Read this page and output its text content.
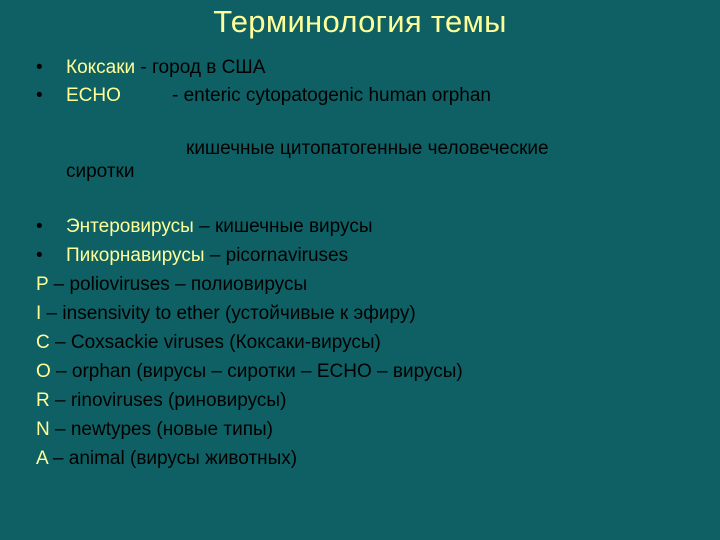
Терминология темы
• Коксаки - город в США
• ECHO	- enteric cytopatogenic human orphan
кишечные цитопатогенные человеческие
сиротки
• Энтеровирусы – кишечные вирусы
• Пикорнавирусы – picornaviruses
P – polioviruses – полиовирусы
I – insensivity to ether (устойчивые к эфиру)
C – Coxsackie viruses (Коксаки-вирусы)
O – orphan (вирусы – сиротки – ECHO – вирусы)
R – rinoviruses (риновирусы)
N – newtypes (новые типы)
A – animal (вирусы животных)
